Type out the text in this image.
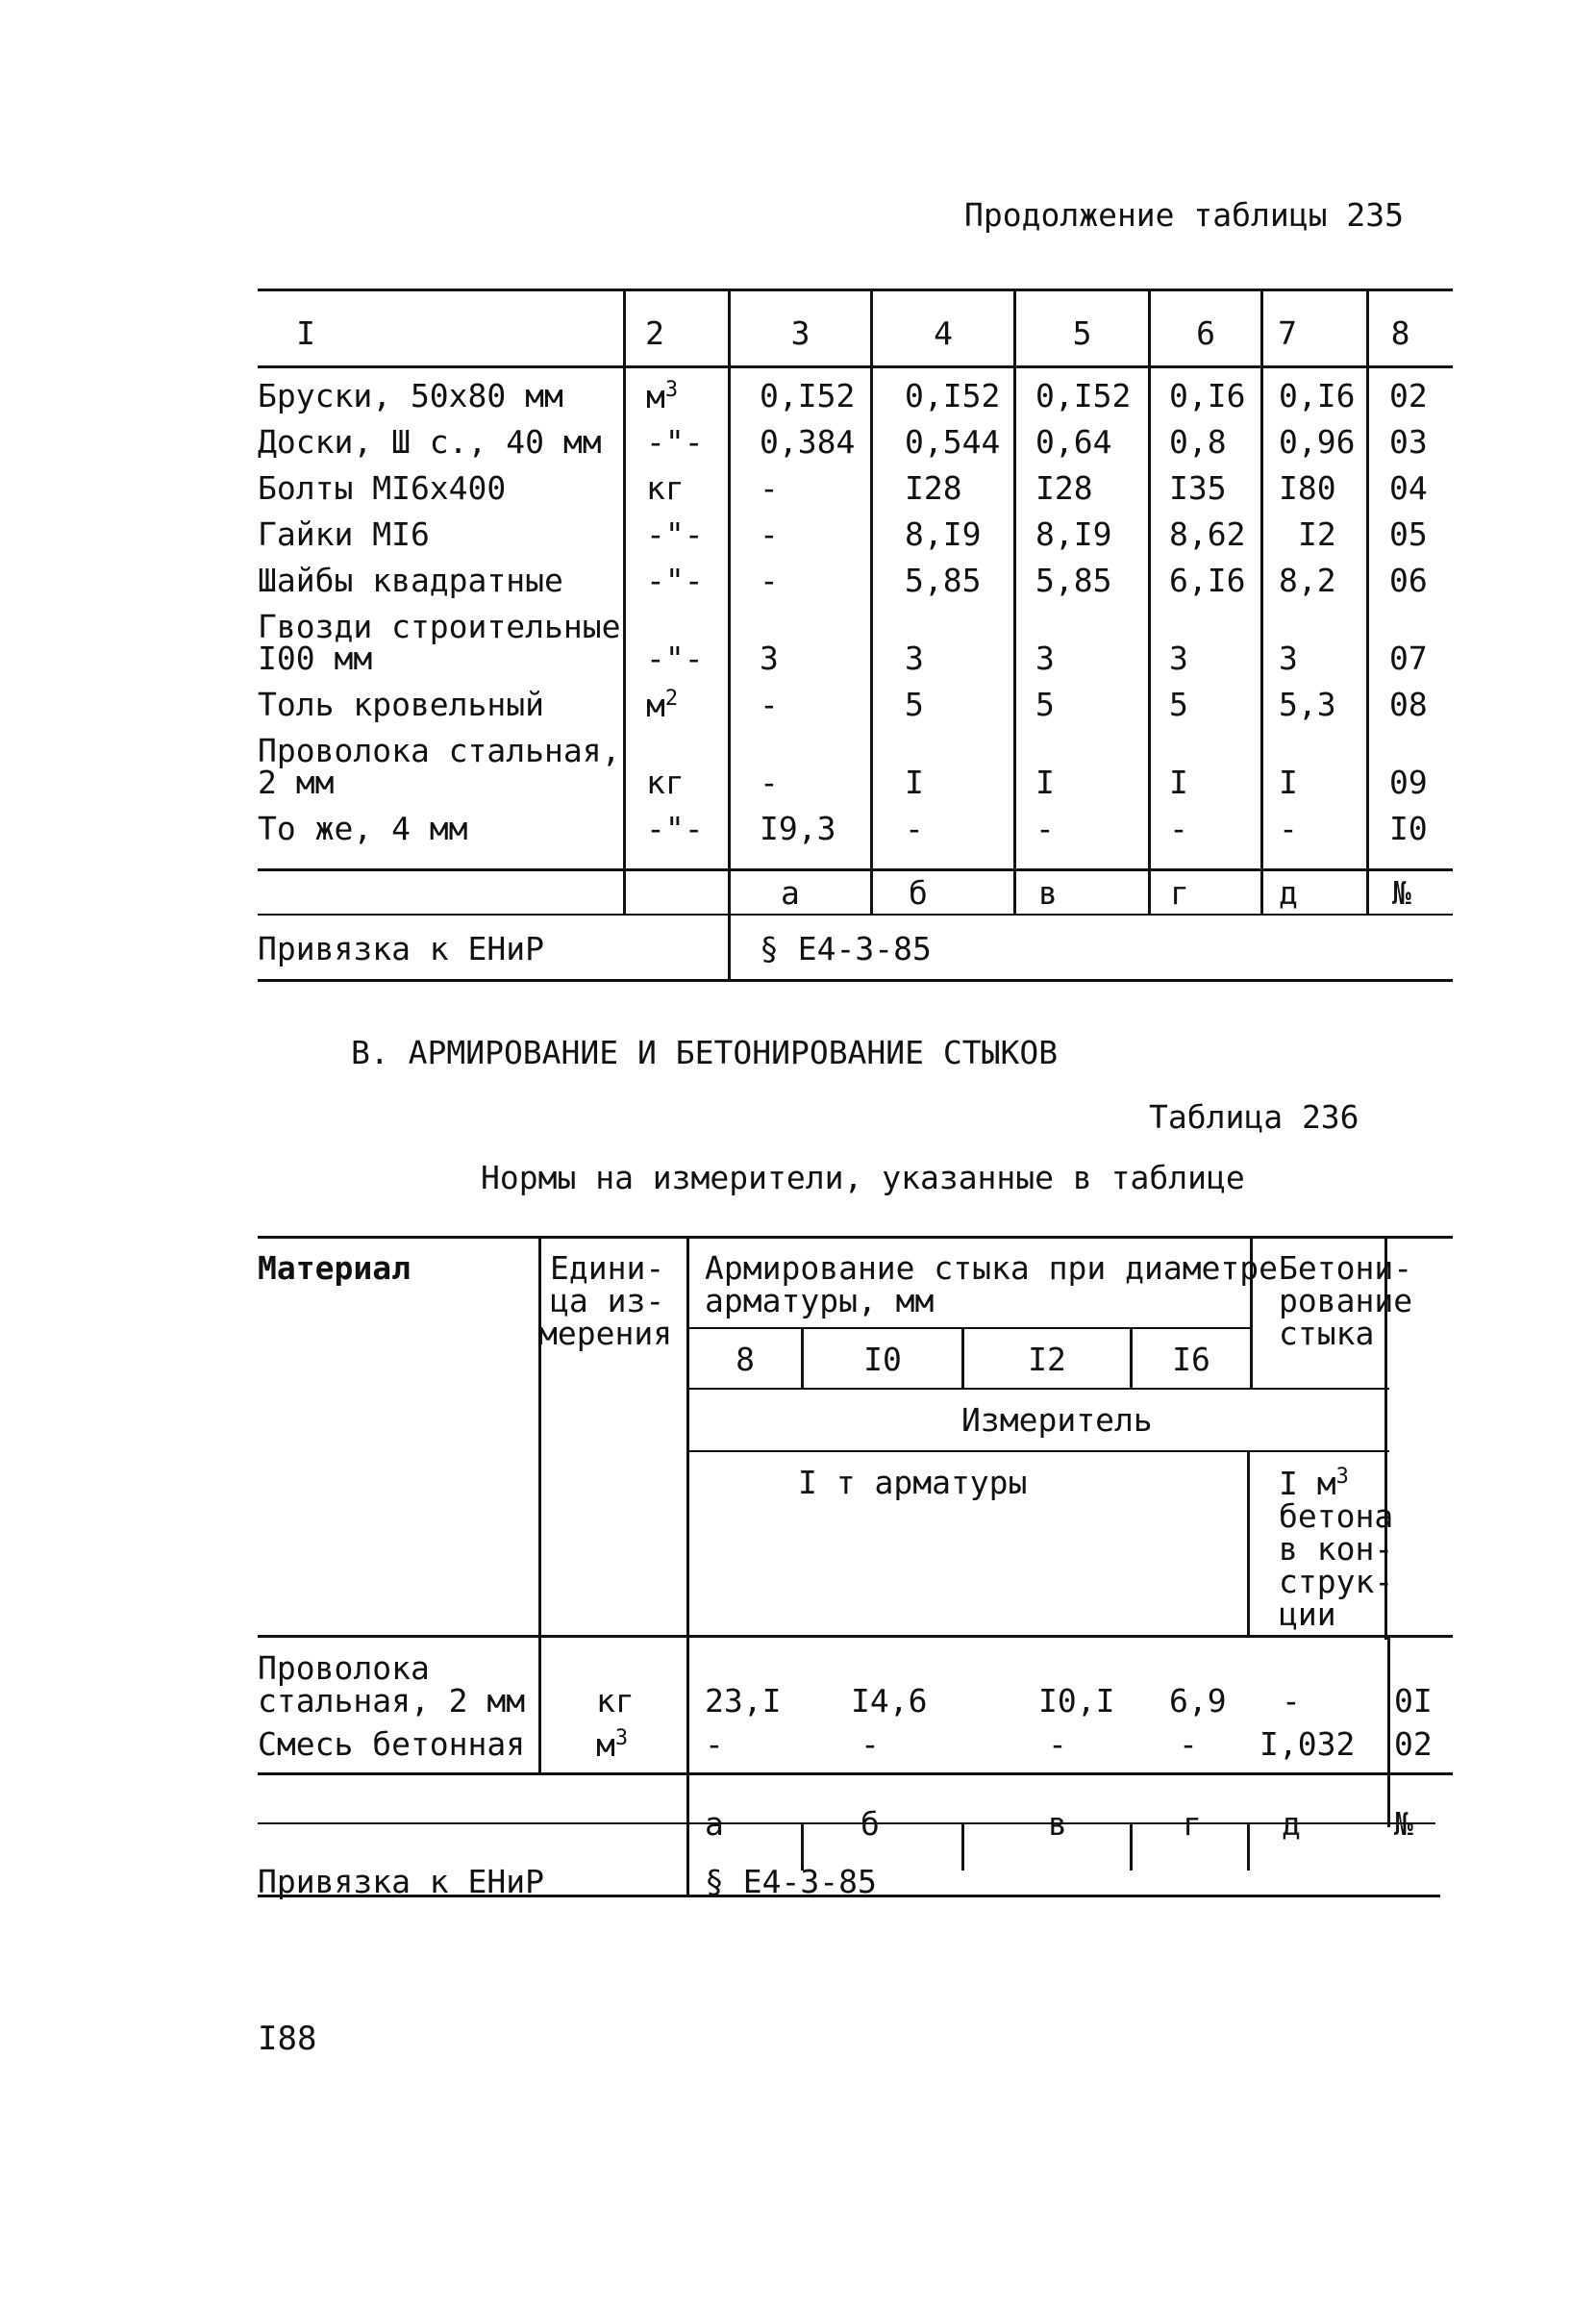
Продолжение таблицы 235
I	2	3	4	5	6	7	8
Бруски, 50х80 мм	$м^3$	0,I52 0,I52 0,I52 0,I6 0,I6 02
Доски, Ш с., 40 мм -"- 0,384 0,544 0,64 0,8 0,96 03
Болты МI6х400	кг -	I28 I28 I35 I80 04
Гайки МI6	-"- -	8,I9 8,I9 8,62 I2 05
Шайбы квадратные	-"- -	5,85 5,85 6,I6 8,2 06
Гвозди строительные
I00 мм	-"- 3	3	3	3	3	07
Толь кровельный	$м^2$	-	5	5	5	5,3 08
Проволока стальная,
2 мм	кг -	I	I	I	I	09
То же, 4 мм	-"- I9,3 -	-	-	-	I0
а	б	в	г	д	№
Привязка к ЕНиР	§ Е4-3-85
В. АРМИРОВАНИЕ И БЕТОНИРОВАНИЕ СТЫКОВ
Таблица 236
Нормы на измерители, указанные в таблице
Материал	Едини-
ца из-
мерения
Армирование стыка при диаметре
арматуры, мм
Бетони-
рование
стыка
8	I0	I2	I6
Измеритель
I т арматуры	I $м^3$
бетона
в кон-
струк-
ции
Проволока
стальная, 2 мм кг 23,I I4,6	I0,I 6,9 -	0I
Смесь бетонная $м^3$ -	-	-	- I,032 02
а	б	в	г	д	№
Привязка к ЕНиР	§ Е4-3-85
I88
